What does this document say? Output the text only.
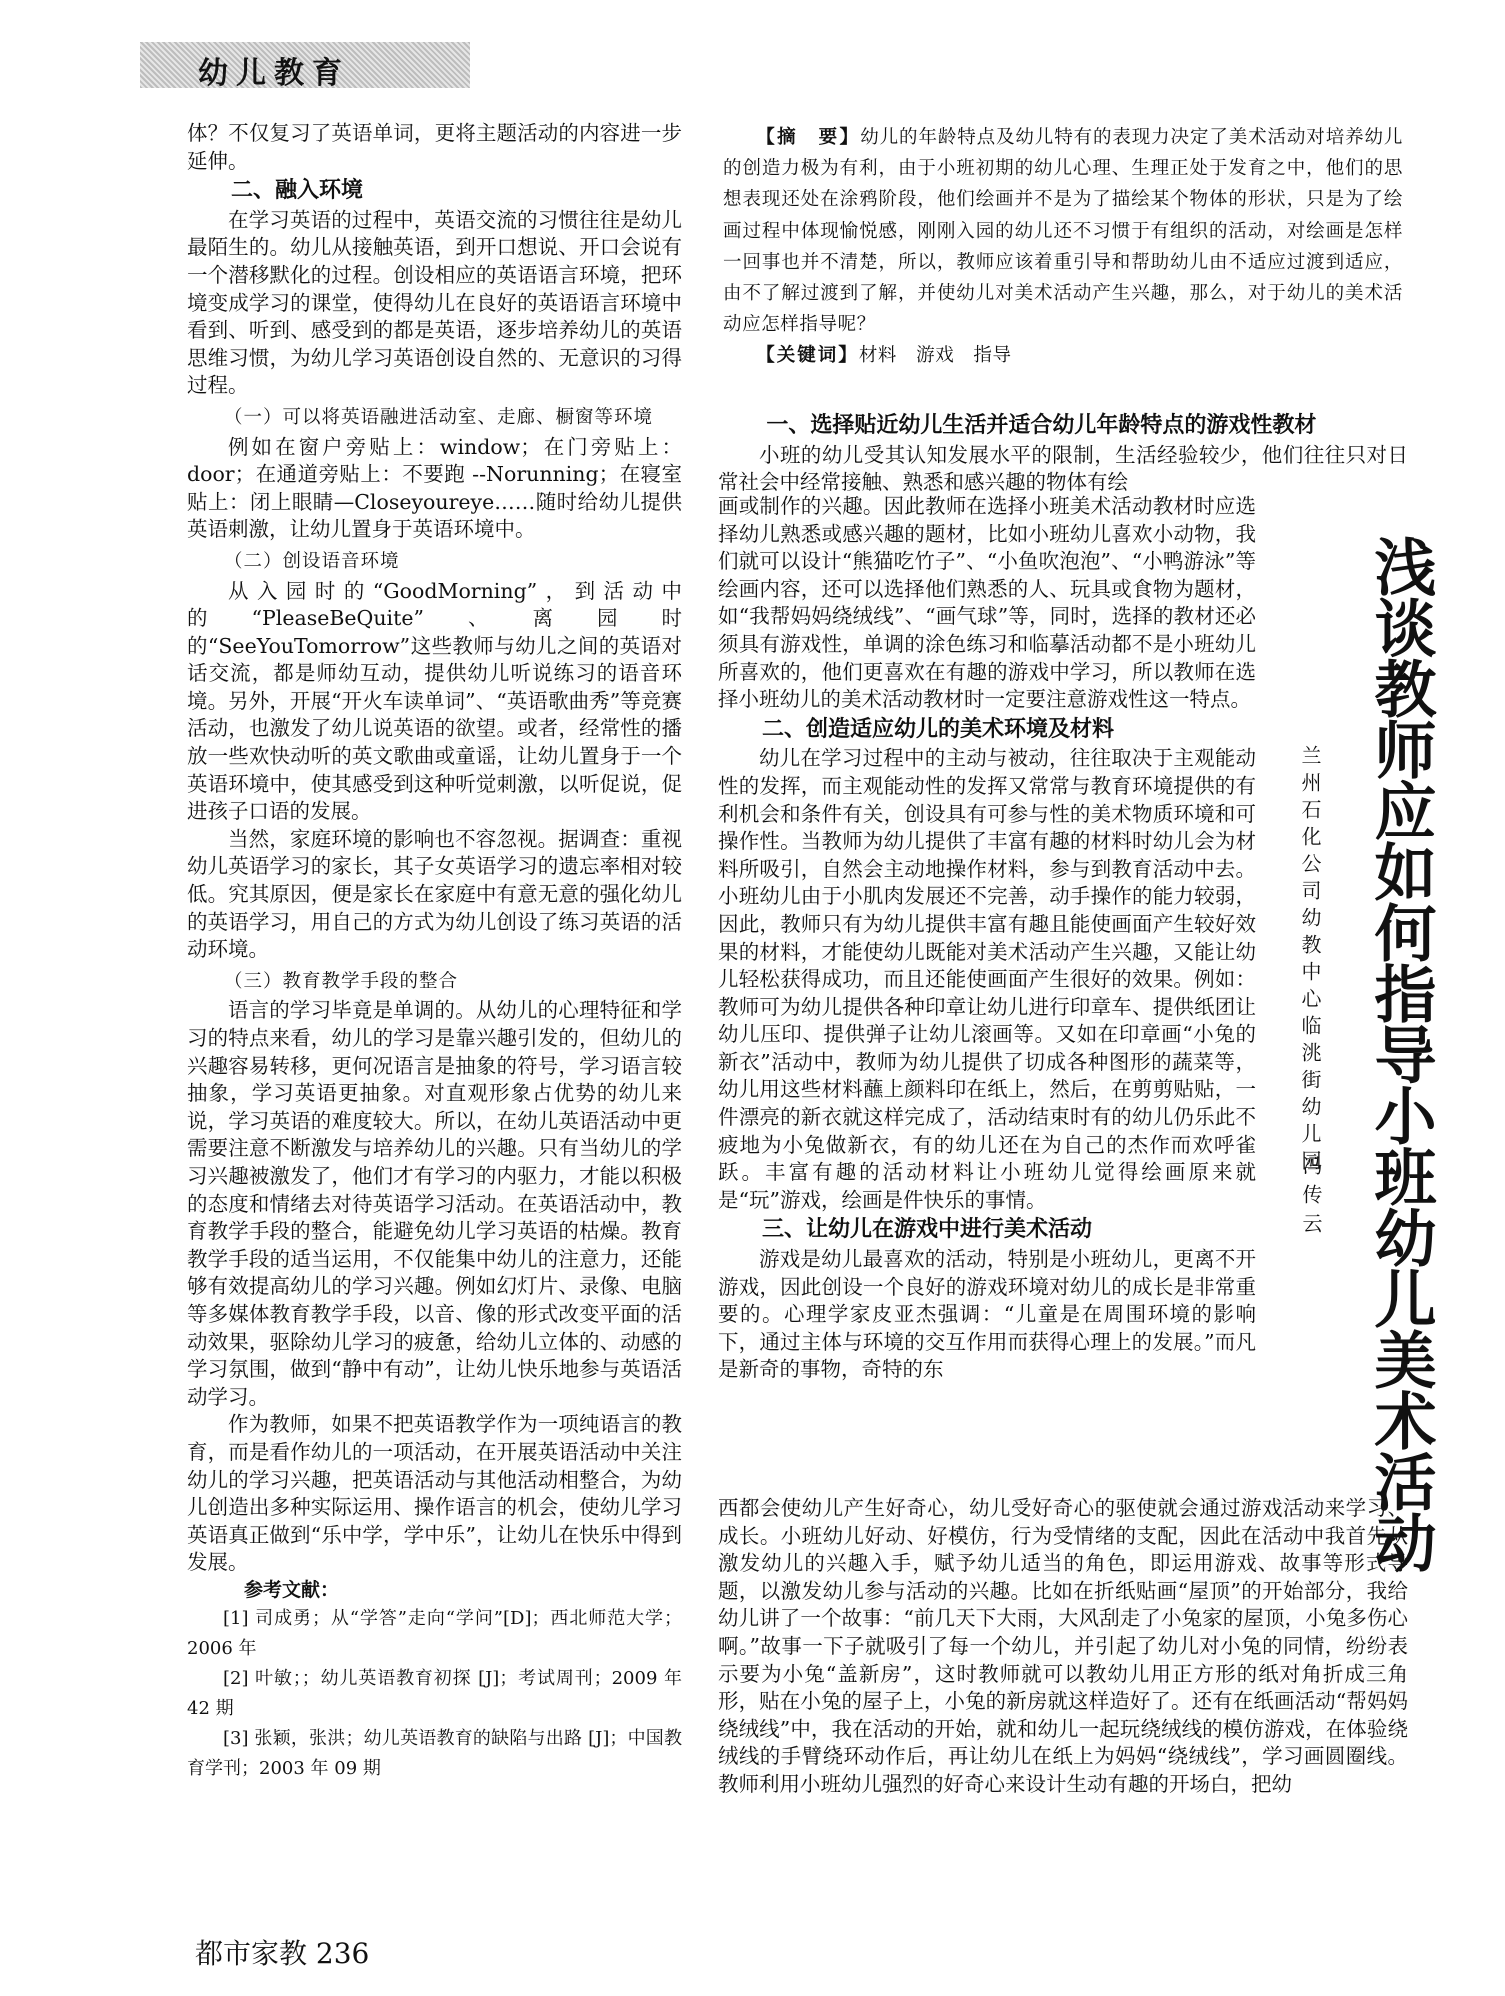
幼儿教育

体？不仅复习了英语单词，更将主题活动的内容进一步延伸。

二、融入环境

在学习英语的过程中，英语交流的习惯往往是幼儿最陌生的。幼儿从接触英语，到开口想说、开口会说有一个潜移默化的过程。创设相应的英语语言环境，把环境变成学习的课堂，使得幼儿在良好的英语语言环境中看到、听到、感受到的都是英语，逐步培养幼儿的英语思维习惯，为幼儿学习英语创设自然的、无意识的习得过程。

（一）可以将英语融进活动室、走廊、橱窗等环境

例如在窗户旁贴上：window；在门旁贴上：door；在通道旁贴上：不要跑 --Norunning；在寝室贴上：闭上眼睛—Closeyoureye……随时给幼儿提供英语刺激，让幼儿置身于英语环境中。

（二）创设语音环境

从入园时的“GoodMorning”，到活动中的“PleaseBeQuite”、离园时的“SeeYouTomorrow”这些教师与幼儿之间的英语对话交流，都是师幼互动，提供幼儿听说练习的语音环境。另外，开展“开火车读单词”、“英语歌曲秀”等竞赛活动，也激发了幼儿说英语的欲望。或者，经常性的播放一些欢快动听的英文歌曲或童谣，让幼儿置身于一个英语环境中，使其感受到这种听觉刺激，以听促说，促进孩子口语的发展。

当然，家庭环境的影响也不容忽视。据调查：重视幼儿英语学习的家长，其子女英语学习的遗忘率相对较低。究其原因，便是家长在家庭中有意无意的强化幼儿的英语学习，用自己的方式为幼儿创设了练习英语的活动环境。

（三）教育教学手段的整合

语言的学习毕竟是单调的。从幼儿的心理特征和学习的特点来看，幼儿的学习是靠兴趣引发的，但幼儿的兴趣容易转移，更何况语言是抽象的符号，学习语言较抽象，学习英语更抽象。对直观形象占优势的幼儿来说，学习英语的难度较大。所以，在幼儿英语活动中更需要注意不断激发与培养幼儿的兴趣。只有当幼儿的学习兴趣被激发了，他们才有学习的内驱力，才能以积极的态度和情绪去对待英语学习活动。在英语活动中，教育教学手段的整合，能避免幼儿学习英语的枯燥。教育教学手段的适当运用，不仅能集中幼儿的注意力，还能够有效提高幼儿的学习兴趣。例如幻灯片、录像、电脑等多媒体教育教学手段，以音、像的形式改变平面的活动效果，驱除幼儿学习的疲惫，给幼儿立体的、动感的学习氛围，做到“静中有动”，让幼儿快乐地参与英语活动学习。

作为教师，如果不把英语教学作为一项纯语言的教育，而是看作幼儿的一项活动，在开展英语活动中关注幼儿的学习兴趣，把英语活动与其他活动相整合，为幼儿创造出多种实际运用、操作语言的机会，使幼儿学习英语真正做到“乐中学，学中乐”，让幼儿在快乐中得到发展。

参考文献：

[1] 司成勇；从“学答”走向“学问”[D]；西北师范大学；2006 年

[2] 叶敏；；幼儿英语教育初探 [J]；考试周刊；2009 年 42 期

[3] 张颖，张洪；幼儿英语教育的缺陷与出路 [J]；中国教育学刊；2003 年 09 期

【摘　要】幼儿的年龄特点及幼儿特有的表现力决定了美术活动对培养幼儿的创造力极为有利，由于小班初期的幼儿心理、生理正处于发育之中，他们的思想表现还处在涂鸦阶段，他们绘画并不是为了描绘某个物体的形状，只是为了绘画过程中体现愉悦感，刚刚入园的幼儿还不习惯于有组织的活动，对绘画是怎样一回事也并不清楚，所以，教师应该着重引导和帮助幼儿由不适应过渡到适应，由不了解过渡到了解，并使幼儿对美术活动产生兴趣，那么，对于幼儿的美术活动应怎样指导呢？

【关键词】材料　游戏　指导

一、选择贴近幼儿生活并适合幼儿年龄特点的游戏性教材

小班的幼儿受其认知发展水平的限制，生活经验较少，他们往往只对日常社会中经常接触、熟悉和感兴趣的物体有绘

画或制作的兴趣。因此教师在选择小班美术活动教材时应选择幼儿熟悉或感兴趣的题材，比如小班幼儿喜欢小动物，我们就可以设计“熊猫吃竹子”、“小鱼吹泡泡”、“小鸭游泳”等绘画内容，还可以选择他们熟悉的人、玩具或食物为题材，如“我帮妈妈绕绒线”、“画气球”等，同时，选择的教材还必须具有游戏性，单调的涂色练习和临摹活动都不是小班幼儿所喜欢的，他们更喜欢在有趣的游戏中学习，所以教师在选择小班幼儿的美术活动教材时一定要注意游戏性这一特点。

二、创造适应幼儿的美术环境及材料

幼儿在学习过程中的主动与被动，往往取决于主观能动性的发挥，而主观能动性的发挥又常常与教育环境提供的有利机会和条件有关，创设具有可参与性的美术物质环境和可操作性。当教师为幼儿提供了丰富有趣的材料时幼儿会为材料所吸引，自然会主动地操作材料，参与到教育活动中去。小班幼儿由于小肌肉发展还不完善，动手操作的能力较弱，因此，教师只有为幼儿提供丰富有趣且能使画面产生较好效果的材料，才能使幼儿既能对美术活动产生兴趣，又能让幼儿轻松获得成功，而且还能使画面产生很好的效果。例如：教师可为幼儿提供各种印章让幼儿进行印章车、提供纸团让幼儿压印、提供弹子让幼儿滚画等。又如在印章画“小兔的新衣”活动中，教师为幼儿提供了切成各种图形的蔬菜等，幼儿用这些材料蘸上颜料印在纸上，然后，在剪剪贴贴，一件漂亮的新衣就这样完成了，活动结束时有的幼儿仍乐此不疲地为小兔做新衣，有的幼儿还在为自己的杰作而欢呼雀跃。丰富有趣的活动材料让小班幼儿觉得绘画原来就是“玩”游戏，绘画是件快乐的事情。

三、让幼儿在游戏中进行美术活动

游戏是幼儿最喜欢的活动，特别是小班幼儿，更离不开游戏，因此创设一个良好的游戏环境对幼儿的成长是非常重要的。心理学家皮亚杰强调：“儿童是在周围环境的影响下，通过主体与环境的交互作用而获得心理上的发展。”而凡是新奇的事物，奇特的东

西都会使幼儿产生好奇心，幼儿受好奇心的驱使就会通过游戏活动来学习、成长。小班幼儿好动、好模仿，行为受情绪的支配，因此在活动中我首先从激发幼儿的兴趣入手，赋予幼儿适当的角色，即运用游戏、故事等形式导题，以激发幼儿参与活动的兴趣。比如在折纸贴画“屋顶”的开始部分，我给幼儿讲了一个故事：“前几天下大雨，大风刮走了小兔家的屋顶，小兔多伤心啊。”故事一下子就吸引了每一个幼儿，并引起了幼儿对小兔的同情，纷纷表示要为小兔“盖新房”，这时教师就可以教幼儿用正方形的纸对角折成三角形，贴在小兔的屋子上，小兔的新房就这样造好了。还有在纸画活动“帮妈妈绕绒线”中，我在活动的开始，就和幼儿一起玩绕绒线的模仿游戏，在体验绕绒线的手臂绕环动作后，再让幼儿在纸上为妈妈“绕绒线”，学习画圆圈线。教师利用小班幼儿强烈的好奇心来设计生动有趣的开场白，把幼

浅谈教师应如何指导小班幼儿美术活动
兰州石化公司幼教中心临洮街幼儿园
冯传云
都市家教 236
